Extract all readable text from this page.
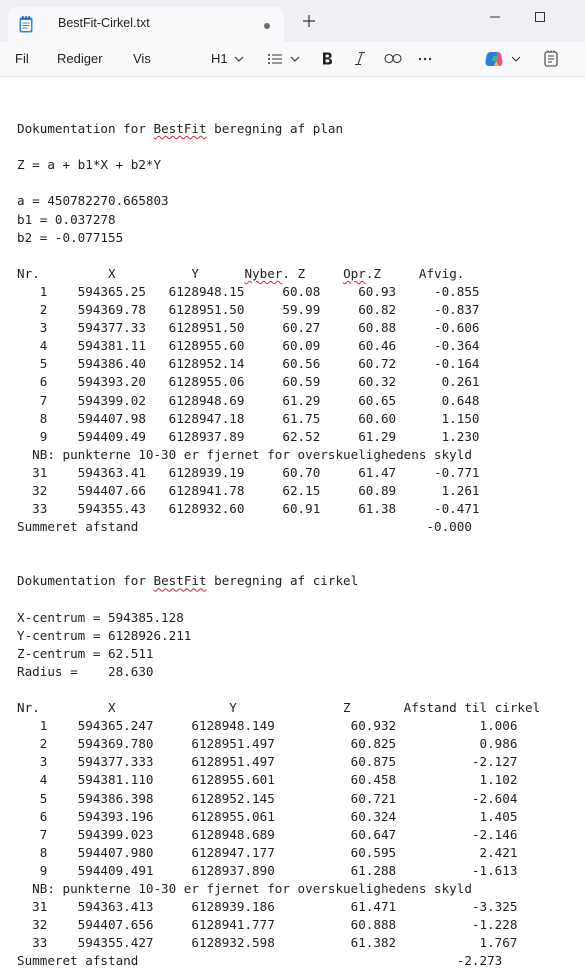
BestFit-Cirkel.txt
Fil Rediger Vis	H1

Dokumentation for BestFit beregning af plan

Z = a + b1*X + b2*Y

a = 450782270.665803
b1 = 0.037278
b2 = -0.077155

Nr.         X          Y      Nyber. Z     Opr.Z     Afvig.
1    594365.25   6128948.15     60.08     60.93     -0.855
2    594369.78   6128951.50     59.99     60.82     -0.837
3    594377.33   6128951.50     60.27     60.88     -0.606
4    594381.11   6128955.60     60.09     60.46     -0.364
5    594386.40   6128952.14     60.56     60.72     -0.164
6    594393.20   6128955.06     60.59     60.32      0.261
7    594399.02   6128948.69     61.29     60.65      0.648
8    594407.98   6128947.18     61.75     60.60      1.150
9    594409.49   6128937.89     62.52     61.29      1.230
NB: punkterne 10-30 er fjernet for overskuelighedens skyld
31    594363.41   6128939.19     60.70     61.47     -0.771
32    594407.66   6128941.78     62.15     60.89      1.261
33    594355.43   6128932.60     60.91     61.38     -0.471
Summeret afstand                                      -0.000

Dokumentation for BestFit beregning af cirkel

X-centrum = 594385.128
Y-centrum = 6128926.211
Z-centrum = 62.511
Radius =    28.630

Nr.         X               Y              Z       Afstand til cirkel
1    594365.247     6128948.149          60.932           1.006
2    594369.780     6128951.497          60.825           0.986
3    594377.333     6128951.497          60.875          -2.127
4    594381.110     6128955.601          60.458           1.102
5    594386.398     6128952.145          60.721          -2.604
6    594393.196     6128955.061          60.324           1.405
7    594399.023     6128948.689          60.647          -2.146
8    594407.980     6128947.177          60.595           2.421
9    594409.491     6128937.890          61.288          -1.613
NB: punkterne 10-30 er fjernet for overskuelighedens skyld
31    594363.413     6128939.186          61.471          -3.325
32    594407.656     6128941.777          60.888          -1.228
33    594355.427     6128932.598          61.382           1.767
Summeret afstand                                          -2.273
